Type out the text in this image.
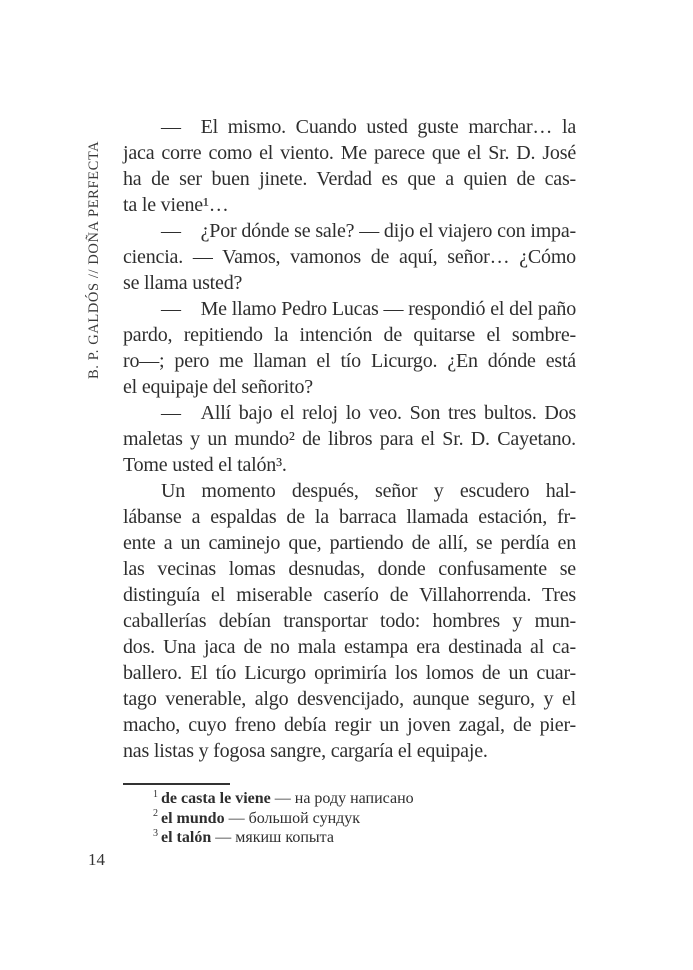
B. P. GALDÓS // DOÑA PERFECTA

— El mismo. Cuando usted guste marchar… la
jaca corre como el viento. Me parece que el Sr. D. José
ha de ser buen jinete. Verdad es que a quien de cas-
ta le viene¹…

— ¿Por dónde se sale? — dijo el viajero con impa-
ciencia. — Vamos, vamonos de aquí, señor… ¿Cómo
se llama usted?

— Me llamo Pedro Lucas — respondió el del paño
pardo, repitiendo la intención de quitarse el sombre-
ro—; pero me llaman el tío Licurgo. ¿En dónde está
el equipaje del señorito?

— Allí bajo el reloj lo veo. Son tres bultos. Dos
maletas y un mundo² de libros para el Sr. D. Cayetano.
Tome usted el talón³.

Un momento después, señor y escudero hal-
lábanse a espaldas de la barraca llamada estación, fr-
ente a un caminejo que, partiendo de allí, se perdía en
las vecinas lomas desnudas, donde confusamente se
distinguía el miserable caserío de Villahorrenda. Tres
caballerías debían transportar todo: hombres y mun-
dos. Una jaca de no mala estampa era destinada al ca-
ballero. El tío Licurgo oprimiría los lomos de un cuar-
tago venerable, algo desvencijado, aunque seguro, y el
macho, cuyo freno debía regir un joven zagal, de pier-
nas listas y fogosa sangre, cargaría el equipaje.

$^1$ de casta le viene — на роду написано
$^2$ el mundo — большой сундук
$^3$ el talón — мякиш копыта
14
